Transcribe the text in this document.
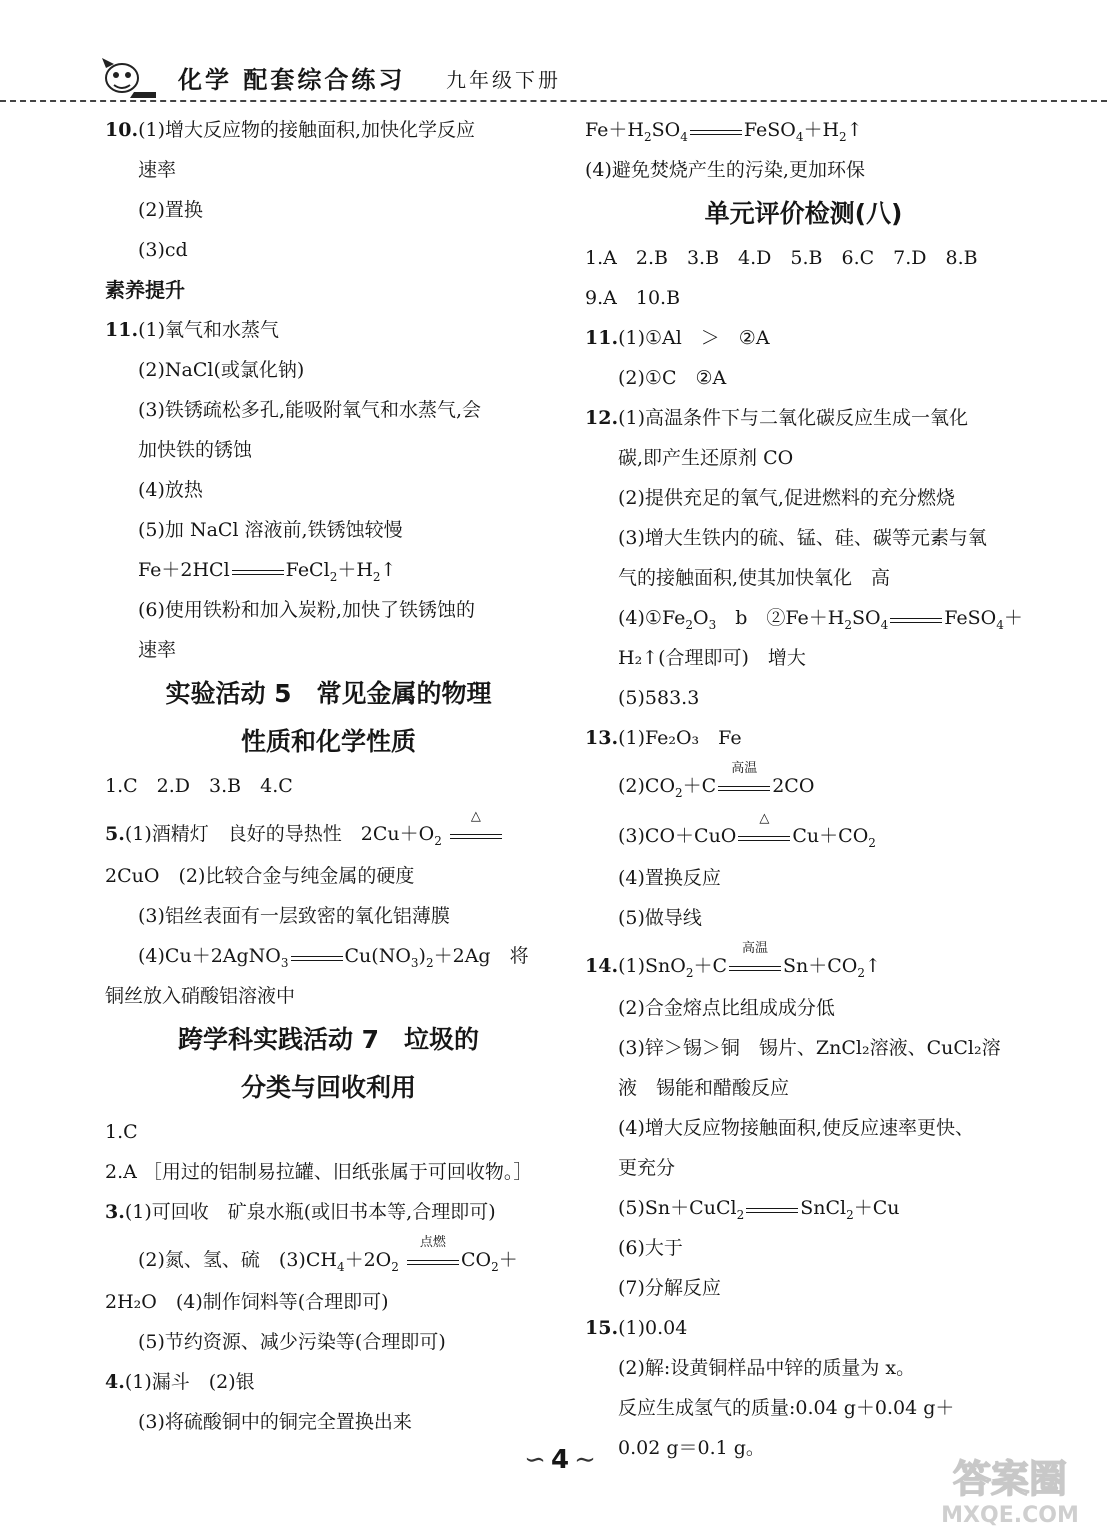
化学 配套综合练习 九年级下册
10.(1)增大反应物的接触面积,加快化学反应
速率
(2)置换
(3)cd
素养提升
11.(1)氧气和水蒸气
(2)NaCl(或氯化钠)
(3)铁锈疏松多孔,能吸附氧气和水蒸气,会
加快铁的锈蚀
(4)放热
(5)加 NaCl 溶液前,铁锈蚀较慢
Fe＋2HCl	$FeCl_2+H_2↑$
(6)使用铁粉和加入炭粉,加快了铁锈蚀的
速率
实验活动 5　常见金属的物理
性质和化学性质
1.C　2.D　3.B　4.C
5.(1)酒精灯　良好的导热性　$2Cu+O_2$
△
2CuO　(2)比较合金与纯金属的硬度
(3)铝丝表面有一层致密的氧化铝薄膜
(4)Cu＋2AgNO$_3$	$Cu(NO_3)_2+2Ag$　将
铜丝放入硝酸铝溶液中
跨学科实践活动 7　垃圾的
分类与回收利用
1.C
2.A ［用过的铝制易拉罐、旧纸张属于可回收物。］
3.(1)可回收　矿泉水瓶(或旧书本等,合理即可)
(2)氮、氢、硫　$(3)CH_4+2O_2$
点燃
$CO_2+$
2H₂O　(4)制作饲料等(合理即可)
(5)节约资源、减少污染等(合理即可)
4.(1)漏斗　(2)银
(3)将硫酸铜中的铜完全置换出来
$Fe+H_2SO_4$	$FeSO_4+H_2↑$
(4)避免焚烧产生的污染,更加环保
单元评价检测(八)
1.A　2.B　3.B　4.D　5.B　6.C　7.D　8.B
9.A　10.B
11.(1)①Al　＞　②A
(2)①C　②A
12.(1)高温条件下与二氧化碳反应生成一氧化
碳,即产生还原剂 CO
(2)提供充足的氧气,促进燃料的充分燃烧
(3)增大生铁内的硫、锰、硅、碳等元素与氧
气的接触面积,使其加快氧化　高
$(4)①Fe_2O_3$　b　$②Fe+H_2SO_4$	FeSO$_4$＋
H₂↑(合理即可)　增大
(5)583.3
13.(1)Fe₂O₃　Fe
$(2)CO_2+C$
高温
2CO
(3)CO＋CuO
△
$Cu+CO_2$
(4)置换反应
(5)做导线
14.(1)SnO$_2$＋C
高温
$Sn+CO_2↑$
(2)合金熔点比组成成分低
(3)锌＞锡＞铜　锡片、ZnCl₂溶液、CuCl₂溶
液　锡能和醋酸反应
(4)增大反应物接触面积,使反应速率更快、
更充分
(5)Sn＋CuCl$_2$	SnCl$_2$＋Cu
(6)大于
(7)分解反应
15.(1)0.04
(2)解:设黄铜样品中锌的质量为 x。
反应生成氢气的质量:0.04 g＋0.04 g＋
0.02 g＝0.1 g。
∽ 4 ∼	答案圈
MXQE.COM
